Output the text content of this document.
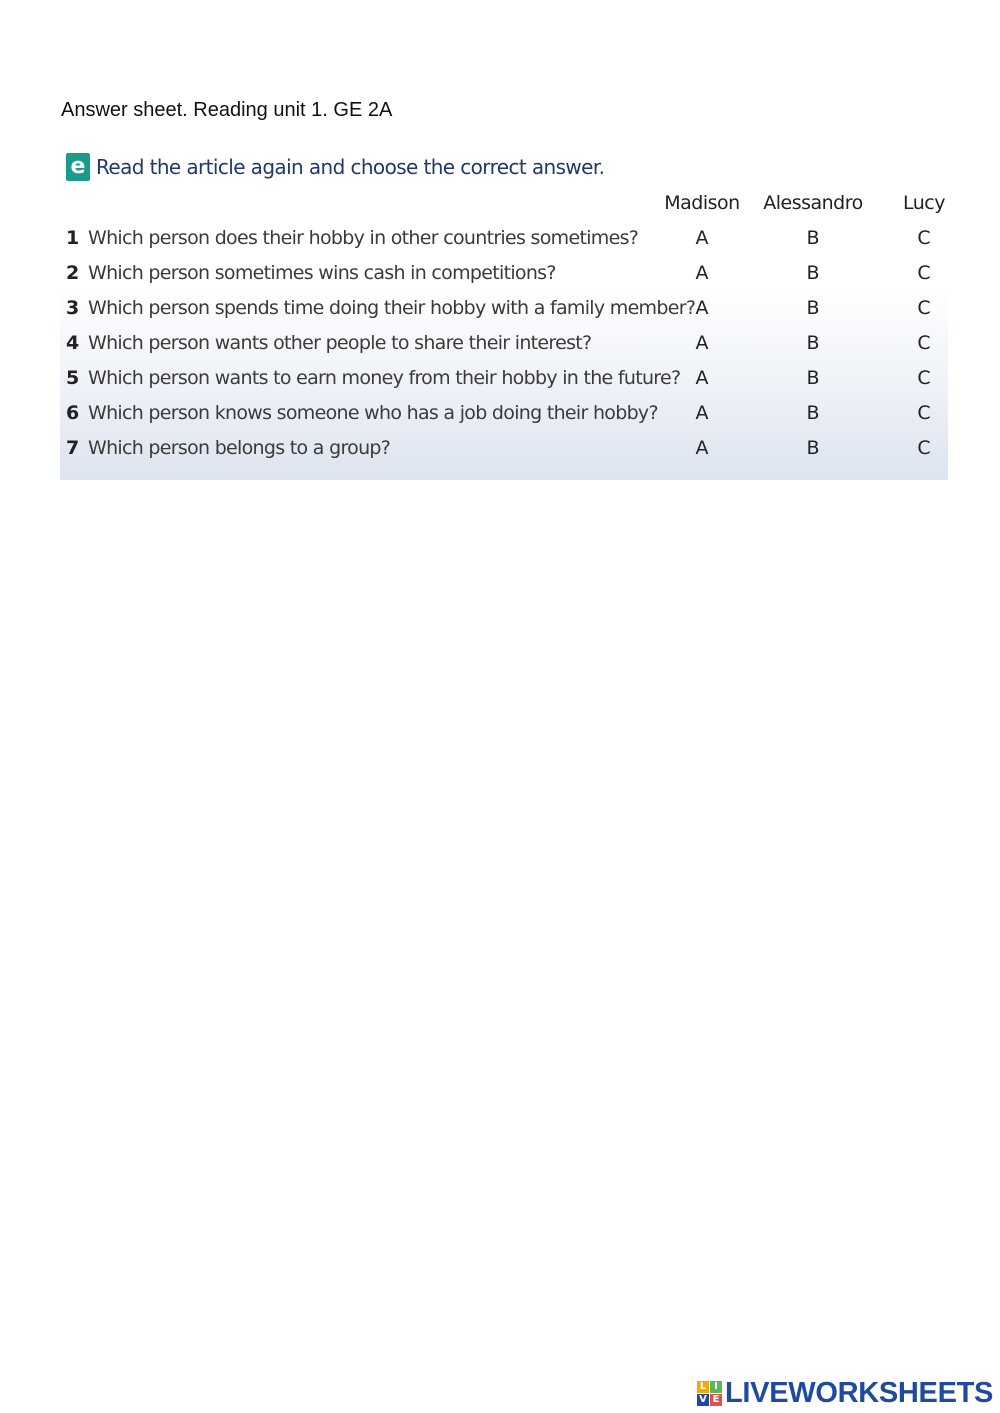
Answer sheet. Reading unit 1. GE 2A
e Read the article again and choose the correct answer.
Madison Alessandro Lucy
1 Which person does their hobby in other countries sometimes?	A	B	C
2 Which person sometimes wins cash in competitions?	A	B	C
3 Which person spends time doing their hobby with a family member? A	B	C
4 Which person wants other people to share their interest?	A	B	C
5 Which person wants to earn money from their hobby in the future? A	B	C
6 Which person knows someone who has a job doing their hobby? A	B	C
7 Which person belongs to a group?	A	B	C
L I
V E LIVEWORKSHEETS
